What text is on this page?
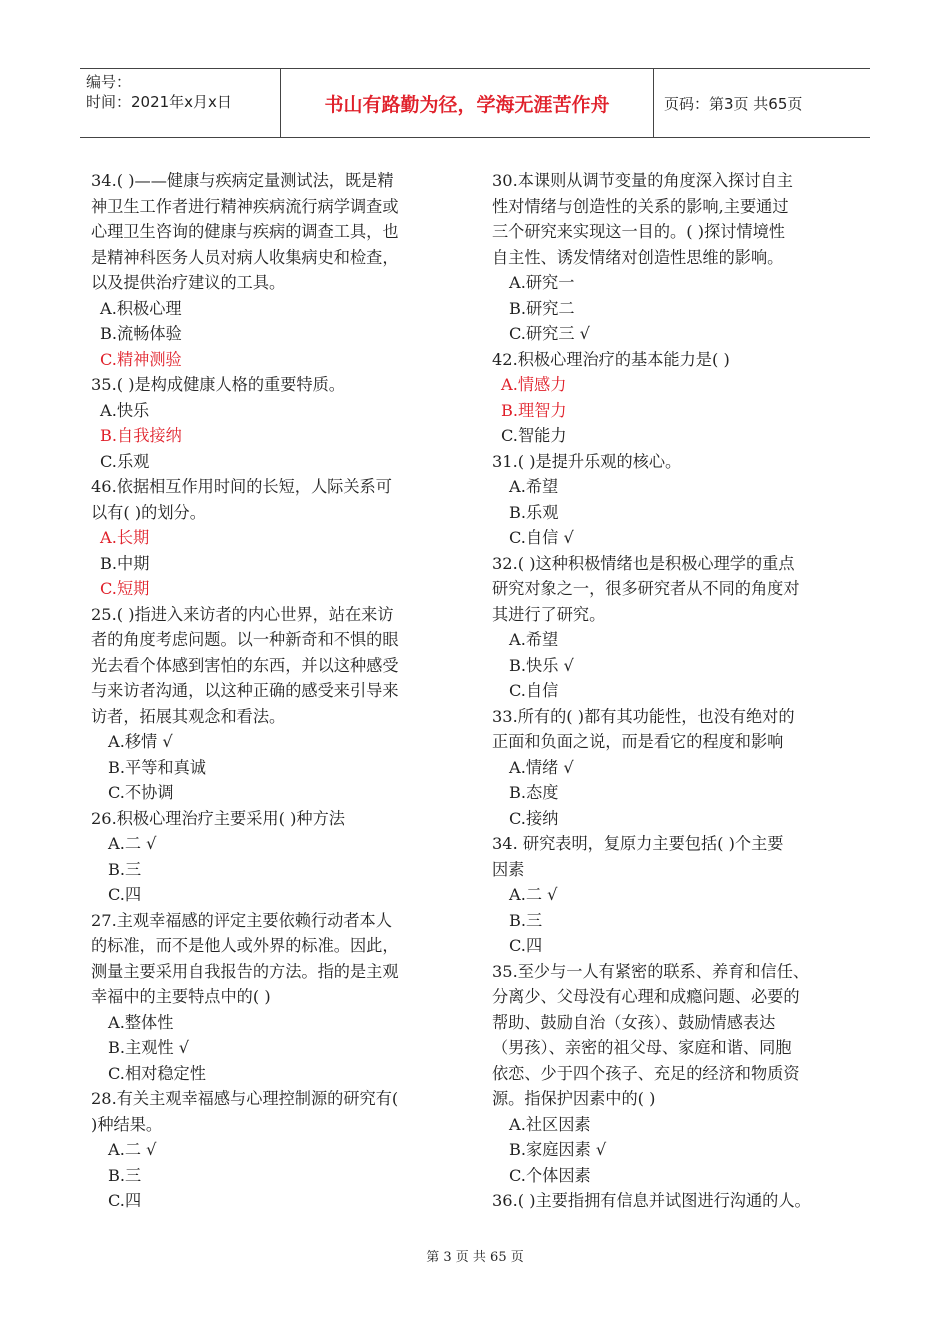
编号：
时间：2021年x月x日	书山有路勤为径，学海无涯苦作舟	页码：第3页 共65页
34.( )——健康与疾病定量测试法，既是精
神卫生工作者进行精神疾病流行病学调查或
心理卫生咨询的健康与疾病的调查工具，也
是精神科医务人员对病人收集病史和检查，
以及提供治疗建议的工具。
A.积极心理
B.流畅体验
C.精神测验
35.( )是构成健康人格的重要特质。
A.快乐
B.自我接纳
C.乐观
46.依据相互作用时间的长短，人际关系可
以有( )的划分。
A.长期
B.中期
C.短期
25.( )指进入来访者的内心世界，站在来访
者的角度考虑问题。以一种新奇和不惧的眼
光去看个体感到害怕的东西，并以这种感受
与来访者沟通，以这种正确的感受来引导来
访者，拓展其观念和看法。
A.移情 √
B.平等和真诚
C.不协调
26.积极心理治疗主要采用( )种方法
A.二 √
B.三
C.四
27.主观幸福感的评定主要依赖行动者本人
的标准，而不是他人或外界的标准。因此，
测量主要采用自我报告的方法。指的是主观
幸福中的主要特点中的( )
A.整体性
B.主观性 √
C.相对稳定性
28.有关主观幸福感与心理控制源的研究有(
)种结果。
A.二 √
B.三
C.四
30.本课则从调节变量的角度深入探讨自主
性对情绪与创造性的关系的影响,主要通过
三个研究来实现这一目的。( )探讨情境性
自主性、诱发情绪对创造性思维的影响。
A.研究一
B.研究二
C.研究三 √
42.积极心理治疗的基本能力是( )
A.情感力
B.理智力
C.智能力
31.( )是提升乐观的核心。
A.希望
B.乐观
C.自信 √
32.( )这种积极情绪也是积极心理学的重点
研究对象之一，很多研究者从不同的角度对
其进行了研究。
A.希望
B.快乐 √
C.自信
33.所有的( )都有其功能性，也没有绝对的
正面和负面之说，而是看它的程度和影响
A.情绪 √
B.态度
C.接纳
34. 研究表明，复原力主要包括( )个主要
因素
A.二 √
B.三
C.四
35.至少与一人有紧密的联系、养育和信任、
分离少、父母没有心理和成瘾问题、必要的
帮助、鼓励自治（女孩）、鼓励情感表达
（男孩）、亲密的祖父母、家庭和谐、同胞
依恋、少于四个孩子、充足的经济和物质资
源。指保护因素中的( )
A.社区因素
B.家庭因素 √
C.个体因素
36.( )主要指拥有信息并试图进行沟通的人。
第 3 页 共 65 页
